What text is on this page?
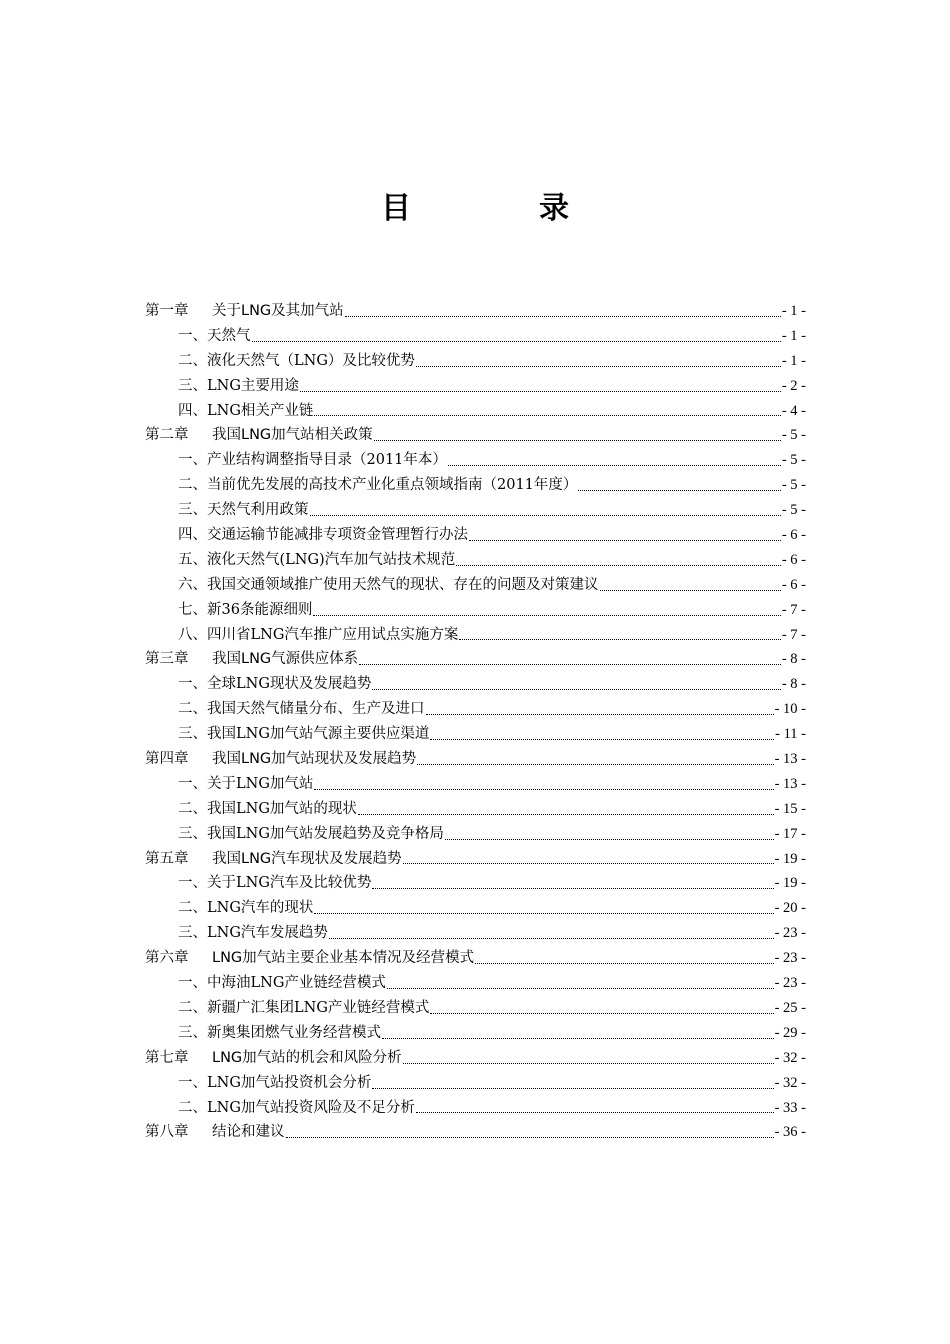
目	录
第一章	关于LNG及其加气站	- 1 -
一、天然气	- 1 -
二、液化天然气（LNG）及比较优势	- 1 -
三、LNG主要用途	- 2 -
四、LNG相关产业链	- 4 -
第二章	我国LNG加气站相关政策	- 5 -
一、产业结构调整指导目录（2011年本）	- 5 -
二、当前优先发展的高技术产业化重点领域指南（2011年度）	- 5 -
三、天然气利用政策	- 5 -
四、交通运输节能减排专项资金管理暂行办法	- 6 -
五、液化天然气(LNG)汽车加气站技术规范	- 6 -
六、我国交通领域推广使用天然气的现状、存在的问题及对策建议	- 6 -
七、新36条能源细则	- 7 -
八、四川省LNG汽车推广应用试点实施方案	- 7 -
第三章	我国LNG气源供应体系	- 8 -
一、全球LNG现状及发展趋势	- 8 -
二、我国天然气储量分布、生产及进口	- 10 -
三、我国LNG加气站气源主要供应渠道	- 11 -
第四章	我国LNG加气站现状及发展趋势	- 13 -
一、关于LNG加气站	- 13 -
二、我国LNG加气站的现状	- 15 -
三、我国LNG加气站发展趋势及竞争格局	- 17 -
第五章	我国LNG汽车现状及发展趋势	- 19 -
一、关于LNG汽车及比较优势	- 19 -
二、LNG汽车的现状	- 20 -
三、LNG汽车发展趋势	- 23 -
第六章	LNG加气站主要企业基本情况及经营模式	- 23 -
一、中海油LNG产业链经营模式	- 23 -
二、新疆广汇集团LNG产业链经营模式	- 25 -
三、新奥集团燃气业务经营模式	- 29 -
第七章	LNG加气站的机会和风险分析	- 32 -
一、LNG加气站投资机会分析	- 32 -
二、LNG加气站投资风险及不足分析	- 33 -
第八章	结论和建议	- 36 -
